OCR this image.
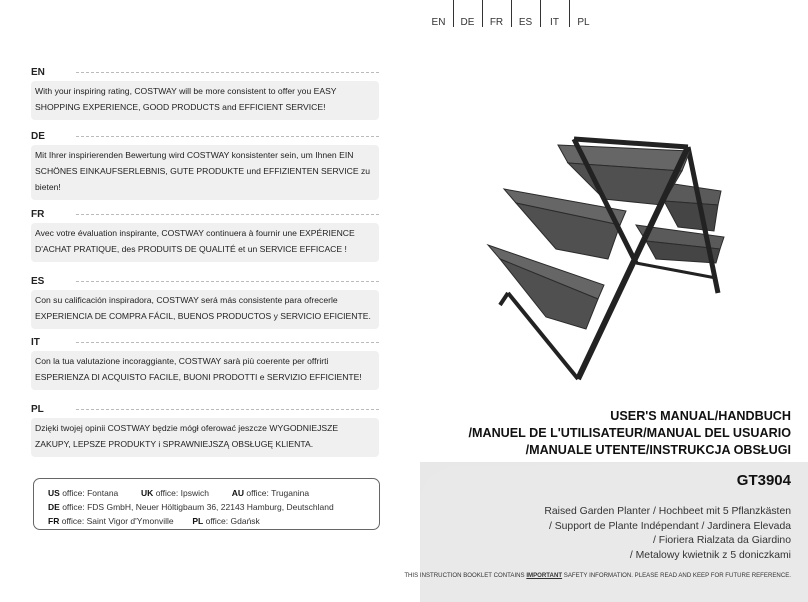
EN	DE	FR	ES	IT	PL
EN
With your inspiring rating, COSTWAY will be more consistent to offer you EASY SHOPPING EXPERIENCE, GOOD PRODUCTS and EFFICIENT SERVICE!
DE
Mit Ihrer inspirierenden Bewertung wird COSTWAY konsistenter sein, um Ihnen EIN SCHÖNES EINKAUFSERLEBNIS, GUTE PRODUKTE und EFFIZIENTEN SERVICE zu bieten!
FR
Avec votre évaluation inspirante, COSTWAY continuera à fournir une EXPÉRIENCE D'ACHAT PRATIQUE, des PRODUITS DE QUALITÉ et un SERVICE EFFICACE !
ES
Con su calificación inspiradora, COSTWAY será más consistente para ofrecerle EXPERIENCIA DE COMPRA FÁCIL, BUENOS PRODUCTOS y SERVICIO EFICIENTE.
IT
Con la tua valutazione incoraggiante, COSTWAY sarà più coerente per offrirti ESPERIENZA DI ACQUISTO FACILE, BUONI PRODOTTI e SERVIZIO EFFICIENTE!
PL
Dzięki twojej opinii COSTWAY będzie mógł oferować jeszcze WYGODNIEJSZE ZAKUPY, LEPSZE PRODUKTY i SPRAWNIEJSZĄ OBSŁUGĘ KLIENTA.
US office: Fontana	UK office: Ipswich	AU office: Truganina
DE office: FDS GmbH, Neuer Höltigbaum 36, 22143 Hamburg, Deutschland
FR office: Saint Vigor d'Ymonville PL office: Gdańsk
USER'S MANUAL/HANDBUCH
/MANUEL DE L'UTILISATEUR/MANUAL DEL USUARIO
/MANUALE UTENTE/INSTRUKCJA OBSŁUGI
GT3904
Raised Garden Planter / Hochbeet mit 5 Pflanzkästen
/ Support de Plante Indépendant / Jardinera Elevada
/ Fioriera Rialzata da Giardino
/ Metalowy kwietnik z 5 doniczkami
THIS INSTRUCTION BOOKLET CONTAINS IMPORTANT SAFETY INFORMATION. PLEASE READ AND KEEP FOR FUTURE REFERENCE.
